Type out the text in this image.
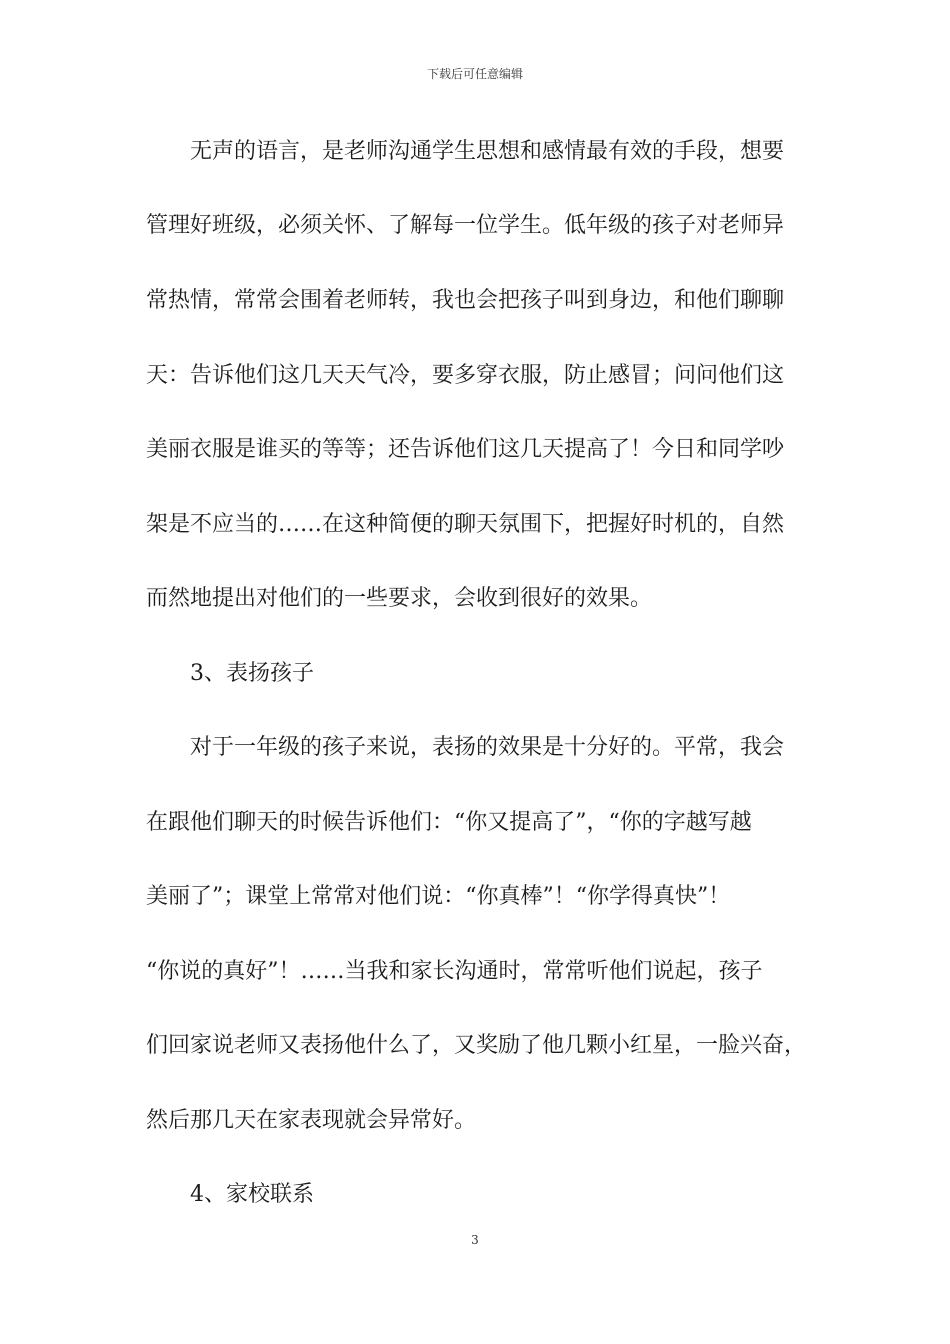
下载后可任意编辑
无声的语言，是老师沟通学生思想和感情最有效的手段，想要
管理好班级，必须关怀、了解每一位学生。低年级的孩子对老师异
常热情，常常会围着老师转，我也会把孩子叫到身边，和他们聊聊
天：告诉他们这几天天气冷，要多穿衣服，防止感冒；问问他们这
美丽衣服是谁买的等等；还告诉他们这几天提高了！今日和同学吵
架是不应当的……在这种简便的聊天氛围下，把握好时机的，自然
而然地提出对他们的一些要求，会收到很好的效果。
3、表扬孩子
对于一年级的孩子来说，表扬的效果是十分好的。平常，我会
在跟他们聊天的时候告诉他们：“你又提高了”，“你的字越写越
美丽了”；课堂上常常对他们说：“你真棒”！“你学得真快”！
“你说的真好”！……当我和家长沟通时，常常听他们说起，孩子
们回家说老师又表扬他什么了，又奖励了他几颗小红星，一脸兴奋，
然后那几天在家表现就会异常好。
4、家校联系
3
